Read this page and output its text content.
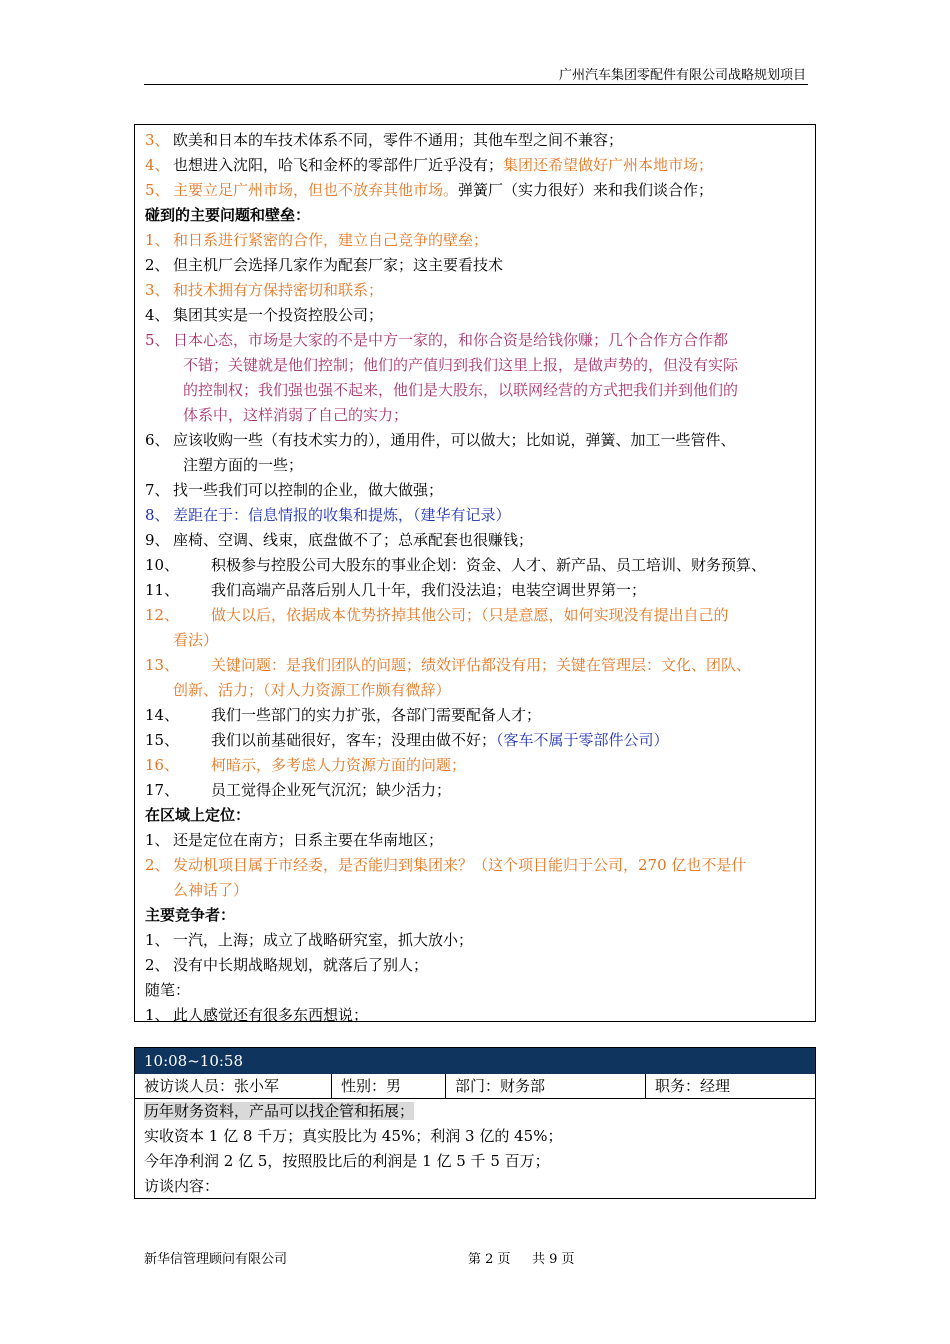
广州汽车集团零配件有限公司战略规划项目
3、 欧美和日本的车技术体系不同，零件不通用；其他车型之间不兼容；
4、 也想进入沈阳，哈飞和金杯的零部件厂近乎没有；集团还希望做好广州本地市场；
5、 主要立足广州市场，但也不放弃其他市场。弹簧厂（实力很好）来和我们谈合作；
碰到的主要问题和壁垒：
1、 和日系进行紧密的合作，建立自己竞争的壁垒；
2、 但主机厂会选择几家作为配套厂家；这主要看技术
3、 和技术拥有方保持密切和联系；
4、 集团其实是一个投资控股公司；
5、 日本心态，市场是大家的不是中方一家的，和你合资是给钱你赚；几个合作方合作都
不错；关键就是他们控制；他们的产值归到我们这里上报，是做声势的，但没有实际
的控制权；我们强也强不起来，他们是大股东，以联网经营的方式把我们并到他们的
体系中，这样消弱了自己的实力；
6、 应该收购一些（有技术实力的），通用件，可以做大；比如说，弹簧、加工一些管件、
注塑方面的一些；
7、 找一些我们可以控制的企业，做大做强；
8、 差距在于：信息情报的收集和提炼，（建华有记录）
9、 座椅、空调、线束，底盘做不了；总承配套也很赚钱；
10、 积极参与控股公司大股东的事业企划：资金、人才、新产品、员工培训、财务预算、
11、 我们高端产品落后别人几十年，我们没法追；电装空调世界第一；
12、 做大以后，依据成本优势挤掉其他公司；（只是意愿，如何实现没有提出自己的
看法）
13、 关键问题：是我们团队的问题；绩效评估都没有用；关键在管理层：文化、团队、
创新、活力；（对人力资源工作颇有微辞）
14、 我们一些部门的实力扩张，各部门需要配备人才；
15、 我们以前基础很好，客车；没理由做不好；（客车不属于零部件公司）
16、 柯暗示，多考虑人力资源方面的问题；
17、 员工觉得企业死气沉沉；缺少活力；
在区域上定位：
1、 还是定位在南方；日系主要在华南地区；
2、 发动机项目属于市经委，是否能归到集团来？（这个项目能归于公司，270 亿也不是什
么神话了）
主要竞争者：
1、 一汽，上海；成立了战略研究室，抓大放小；
2、 没有中长期战略规划，就落后了别人；
随笔：
1、 此人感觉还有很多东西想说；
10:08~10:58
被访谈人员：张小军	性别：男	部门：财务部	职务：经理
历年财务资料，产品可以找企管和拓展；
实收资本 1 亿 8 千万；真实股比为 45%；利润 3 亿的 45%；
今年净利润 2 亿 5，按照股比后的利润是 1 亿 5 千 5 百万；
访谈内容：
新华信管理顾问有限公司	第 2 页 共 9 页
